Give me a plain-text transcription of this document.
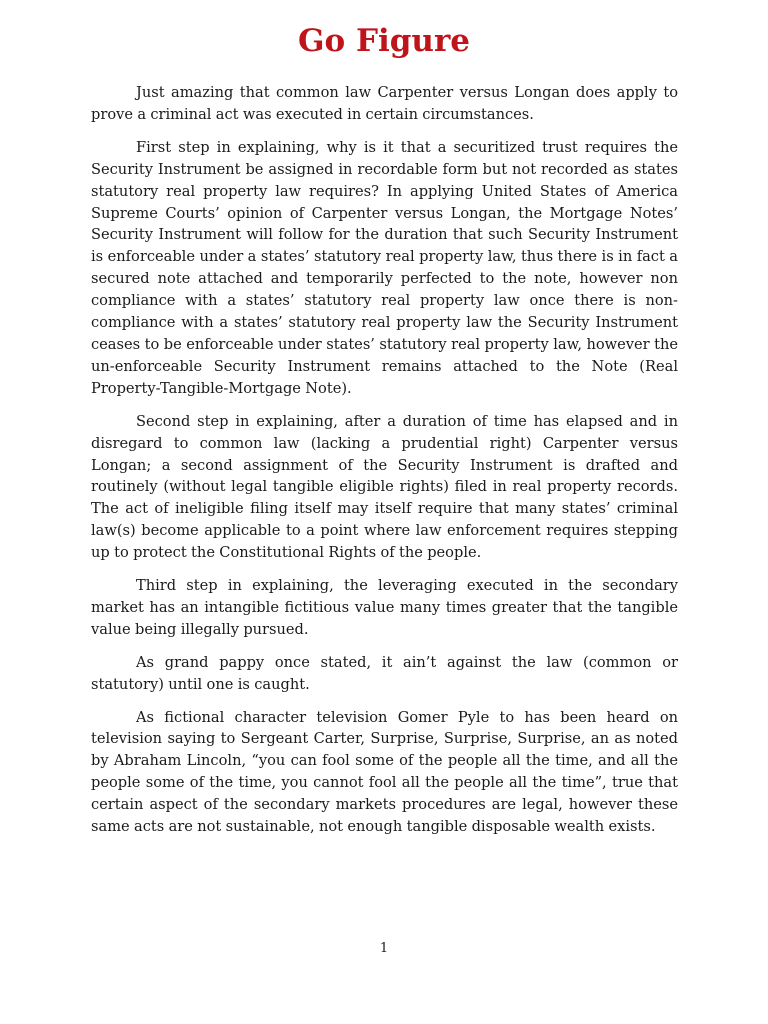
Go Figure

Just amazing that common law Carpenter versus Longan does apply to prove a criminal act was executed in certain circumstances.

First step in explaining, why is it that a securitized trust requires the Security Instrument be assigned in recordable form but not recorded as states statutory real property law requires? In applying United States of America Supreme Courts’ opinion of Carpenter versus Longan, the Mortgage Notes’ Security Instrument will follow for the duration that such Security Instrument is enforceable under a states’ statutory real property law, thus there is in fact a secured note attached and temporarily perfected to the note, however non compliance with a states’ statutory real property law once there is non-compliance with a states’ statutory real property law the Security Instrument ceases to be enforceable under states’ statutory real property law, however the un-enforceable Security Instrument remains attached to the Note (Real Property-Tangible-Mortgage Note).

Second step in explaining, after a duration of time has elapsed and in disregard to common law (lacking a prudential right) Carpenter versus Longan; a second assignment of the Security Instrument is drafted and routinely (without legal tangible eligible rights) filed in real property records. The act of ineligible filing itself may itself require that many states’ criminal law(s) become applicable to a point where law enforcement requires stepping up to protect the Constitutional Rights of the people.

Third step in explaining, the leveraging executed in the secondary market has an intangible fictitious value many times greater that the tangible value being illegally pursued.

As grand pappy once stated, it ain’t against the law (common or statutory) until one is caught.

As fictional character television Gomer Pyle to has been heard on television saying to Sergeant Carter, Surprise, Surprise, Surprise, an as noted by Abraham Lincoln, “you can fool some of the people all the time, and all the people some of the time, you cannot fool all the people all the time”, true that certain aspect of the secondary markets procedures are legal, however these same acts are not sustainable, not enough tangible disposable wealth exists.

1
